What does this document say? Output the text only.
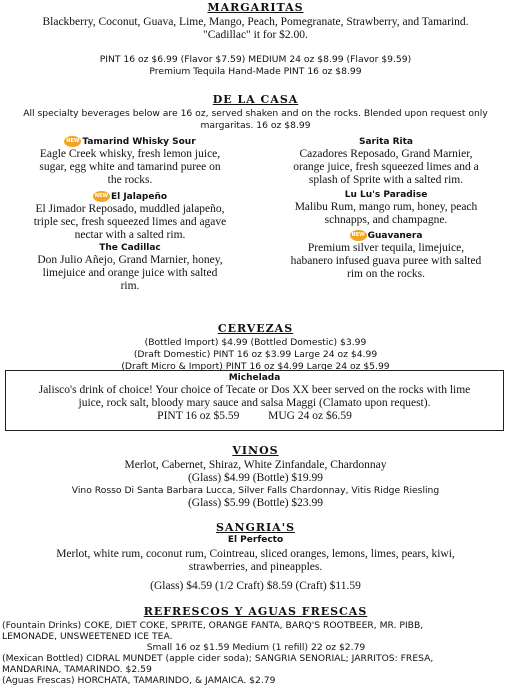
MARGARITAS
Blackberry, Coconut, Guava, Lime, Mango, Peach, Pomegranate, Strawberry, and Tamarind.
"Cadillac" it for $2.00.
PINT 16 oz $6.99 (Flavor $7.59) MEDIUM 24 oz $8.99 (Flavor $9.59)
Premium Tequila Hand-Made PINT 16 oz $8.99
DE LA CASA
All specialty beverages below are 16 oz, served shaken and on the rocks. Blended upon request only
margaritas. 16 oz $8.99
NEW Tamarind Whisky Sour
Eagle Creek whisky, fresh lemon juice,
sugar, egg white and tamarind puree on
the rocks.
NEW El Jalapeño
El Jimador Reposado, muddled jalapeño,
triple sec, fresh squeezed limes and agave
nectar with a salted rim.
The Cadillac
Don Julio Añejo, Grand Marnier, honey,
limejuice and orange juice with salted
rim.
Sarita Rita
Cazadores Reposado, Grand Marnier,
orange juice, fresh squeezed limes and a
splash of Sprite with a salted rim.
Lu Lu's Paradise
Malibu Rum, mango rum, honey, peach
schnapps, and champagne.
NEW Guavanera
Premium silver tequila, limejuice,
habanero infused guava puree with salted
rim on the rocks.
CERVEZAS
(Bottled Import) $4.99 (Bottled Domestic) $3.99
(Draft Domestic) PINT 16 oz $3.99 Large 24 oz $4.99
(Draft Micro & Import) PINT 16 oz $4.99 Large 24 oz $5.99
Michelada
Jalisco's drink of choice! Your choice of Tecate or Dos XX beer served on the rocks with lime
juice, rock salt, bloody mary sauce and salsa Maggi (Clamato upon request).
PINT 16 oz $5.59          MUG 24 oz $6.59
VINOS
Merlot, Cabernet, Shiraz, White Zinfandale, Chardonnay
(Glass) $4.99 (Bottle) $19.99
Vino Rosso Di Santa Barbara Lucca, Silver Falls Chardonnay, Vitis Ridge Riesling
(Glass) $5.99 (Bottle) $23.99
SANGRIA'S
El Perfecto
Merlot, white rum, coconut rum, Cointreau, sliced oranges, lemons, limes, pears, kiwi,
strawberries, and pineapples.
(Glass) $4.59 (1/2 Craft) $8.59 (Craft) $11.59
REFRESCOS Y AGUAS FRESCAS
(Fountain Drinks) COKE, DIET COKE, SPRITE, ORANGE FANTA, BARQ'S ROOTBEER, MR. PIBB,
LEMONADE, UNSWEETENED ICE TEA.
Small 16 oz $1.59 Medium (1 refill) 22 oz $2.79
(Mexican Bottled) CIDRAL MUNDET (apple cider soda); SANGRIA SENORIAL; JARRITOS: FRESA,
MANDARINA, TAMARINDO. $2.59
(Aguas Frescas) HORCHATA, TAMARINDO, & JAMAICA. $2.79
